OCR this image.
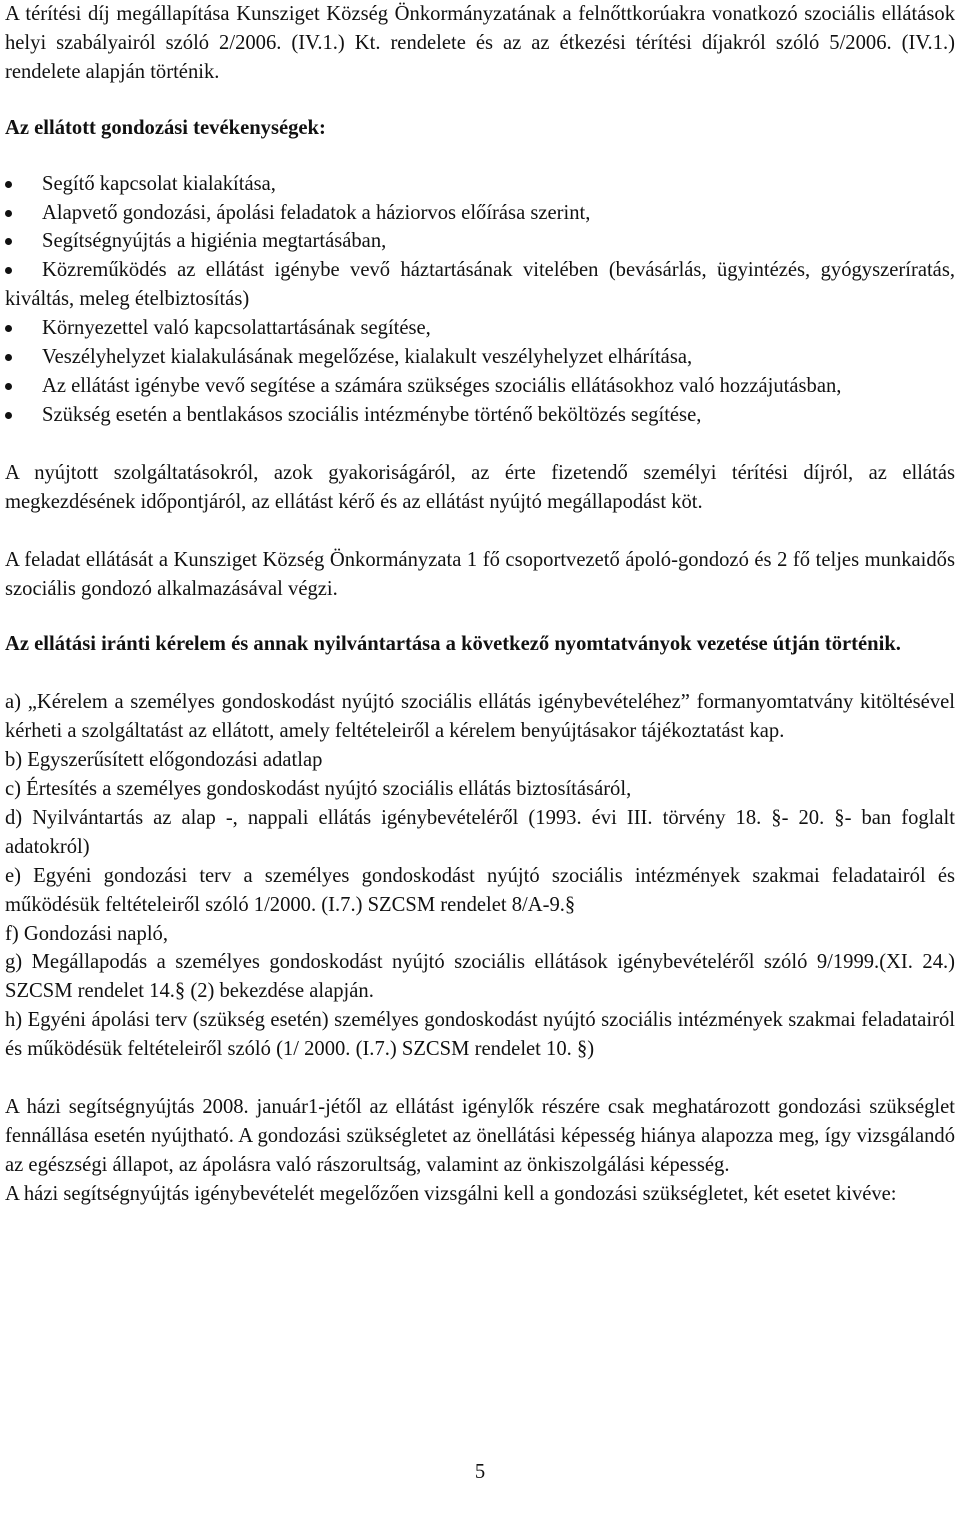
A térítési díj megállapítása Kunsziget Község Önkormányzatának a felnőttkorúakra vonatkozó szociális ellátások helyi szabályairól szóló 2/2006. (IV.1.) Kt. rendelete és az az étkezési térítési díjakról szóló 5/2006. (IV.1.) rendelete alapján történik.

Az ellátott gondozási tevékenységek:

Segítő kapcsolat kialakítása,
Alapvető gondozási, ápolási feladatok a háziorvos előírása szerint,
Segítségnyújtás a higiénia megtartásában,
Közreműködés az ellátást igénybe vevő háztartásának vitelében (bevásárlás, ügyintézés, gyógyszeríratás, kiváltás, meleg ételbiztosítás)
Környezettel való kapcsolattartásának segítése,
Veszélyhelyzet kialakulásának megelőzése, kialakult veszélyhelyzet elhárítása,
Az ellátást igénybe vevő segítése a számára szükséges szociális ellátásokhoz való hozzájutásban,
Szükség esetén a bentlakásos szociális intézménybe történő beköltözés segítése,

A nyújtott szolgáltatásokról, azok gyakoriságáról, az érte fizetendő személyi térítési díjról, az ellátás megkezdésének időpontjáról, az ellátást kérő és az ellátást nyújtó megállapodást köt.

A feladat ellátását a Kunsziget Község Önkormányzata 1 fő csoportvezető ápoló-gondozó és 2 fő teljes munkaidős szociális gondozó alkalmazásával végzi.

Az ellátási iránti kérelem és annak nyilvántartása a következő nyomtatványok vezetése útján történik.

a) „Kérelem a személyes gondoskodást nyújtó szociális ellátás igénybevételéhez” formanyomtatvány kitöltésével kérheti a szolgáltatást az ellátott, amely feltételeiről a kérelem benyújtásakor tájékoztatást kap.

b) Egyszerűsített előgondozási adatlap

c) Értesítés a személyes gondoskodást nyújtó szociális ellátás biztosításáról,

d) Nyilvántartás az alap -, nappali ellátás igénybevételéről (1993. évi III. törvény 18. §- 20. §- ban foglalt adatokról)

e) Egyéni gondozási terv a személyes gondoskodást nyújtó szociális intézmények szakmai feladatairól és működésük feltételeiről szóló 1/2000. (I.7.) SZCSM rendelet 8/A-9.§

f) Gondozási napló,

g) Megállapodás a személyes gondoskodást nyújtó szociális ellátások igénybevételéről szóló 9/1999.(XI. 24.) SZCSM rendelet 14.§ (2) bekezdése alapján.

h) Egyéni ápolási terv (szükség esetén) személyes gondoskodást nyújtó szociális intézmények szakmai feladatairól és működésük feltételeiről szóló (1/ 2000. (I.7.) SZCSM rendelet 10. §)

A házi segítségnyújtás 2008. január1-jétől az ellátást igénylők részére csak meghatározott gondozási szükséglet fennállása esetén nyújtható. A gondozási szükségletet az önellátási képesség hiánya alapozza meg, így vizsgálandó az egészségi állapot, az ápolásra való rászorultság, valamint az önkiszolgálási képesség.

A házi segítségnyújtás igénybevételét megelőzően vizsgálni kell a gondozási szükségletet, két esetet kivéve:

5
